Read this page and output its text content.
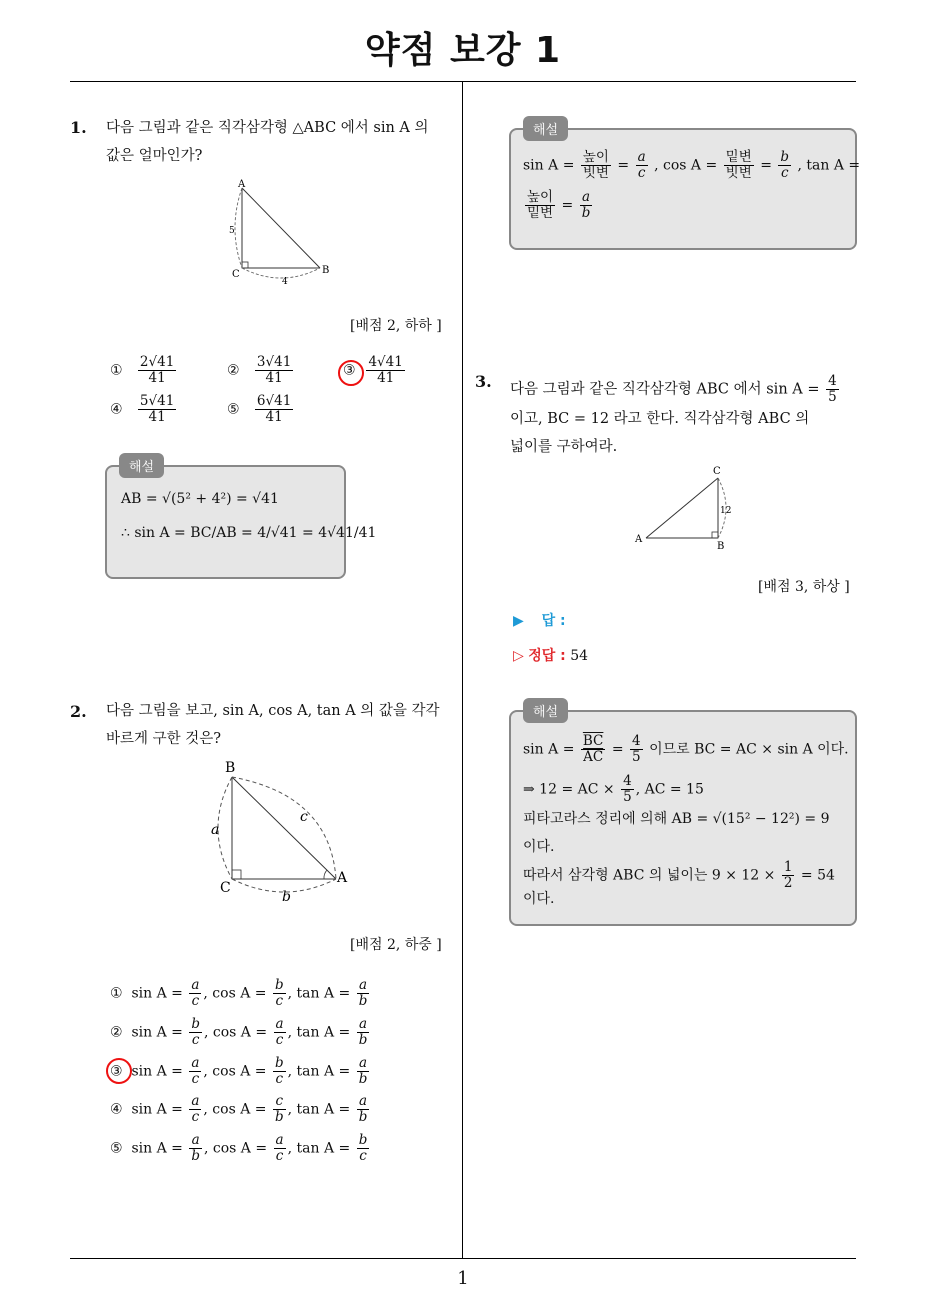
약점 보강 1
1
1. 다음 그림과 같은 직각삼각형 △ABC 에서 sin A 의
값은 얼마인가?
A
B
C
5
4
[배점 2, 하하 ]
① $\frac{2√41}{41}$	② $\frac{3√41}{41}$	③ $\frac{4√41}{41}$
④ $\frac{5√41}{41}$	⑤ $\frac{6√41}{41}$
해설
AB = √(5² + 4²) = √41
∴ sin A = BC/AB = 4/√41 = 4√41/41
2. 다음 그림을 보고, sin A, cos A, tan A 의 값을 각각
바르게 구한 것은?
B
A
C
a
b
c
[배점 2, 하중 ]
①  $\sin A = \frac{a}{c}$ , $\cos A = \frac{b}{c}$ , $\tan A = \frac{a}{b}$
②  $\sin A = \frac{b}{c}$ , $\cos A = \frac{a}{c}$ , $\tan A = \frac{a}{b}$
③  $\sin A = \frac{a}{c}$ , $\cos A = \frac{b}{c}$ , $\tan A = \frac{a}{b}$
④  $\sin A = \frac{a}{c}$ , $\cos A = \frac{c}{b}$ , $\tan A = \frac{a}{b}$
⑤  $\sin A = \frac{a}{b}$ , $\cos A = \frac{a}{c}$ , $\tan A = \frac{b}{c}$
해설
$\sin A = \frac{\text{높이}}{\text{빗변}} = \frac{a}{c}$ , $\cos A = \frac{\text{밑변}}{\text{빗변}} = \frac{b}{c}$ , tan A =
$\frac{\text{높이}}{\text{밑변}} = \frac{a}{b}$
3. 다음 그림과 같은 직각삼각형 ABC 에서 $\sin A = \frac{4}{5}$
이고, BC = 12 라고 한다. 직각삼각형 ABC 의
넓이를 구하여라.
C
A
B
12
[배점 3, 하상 ]
▶ 답 :
▷ 정답 : 54
해설
$\sin A = \frac{\overline{BC}}{AC} = \frac{4}{5}$ 이므로 BC = AC × sin A 이다.
⇒ 12 = AC × $\frac{4}{5}$ , AC = 15
피타고라스 정리에 의해 AB = √(15² − 12²) = 9
이다.
따라서 삼각형 ABC 의 넓이는 $9 \times 12 \times \frac{1}{2} = 54$
이다.
